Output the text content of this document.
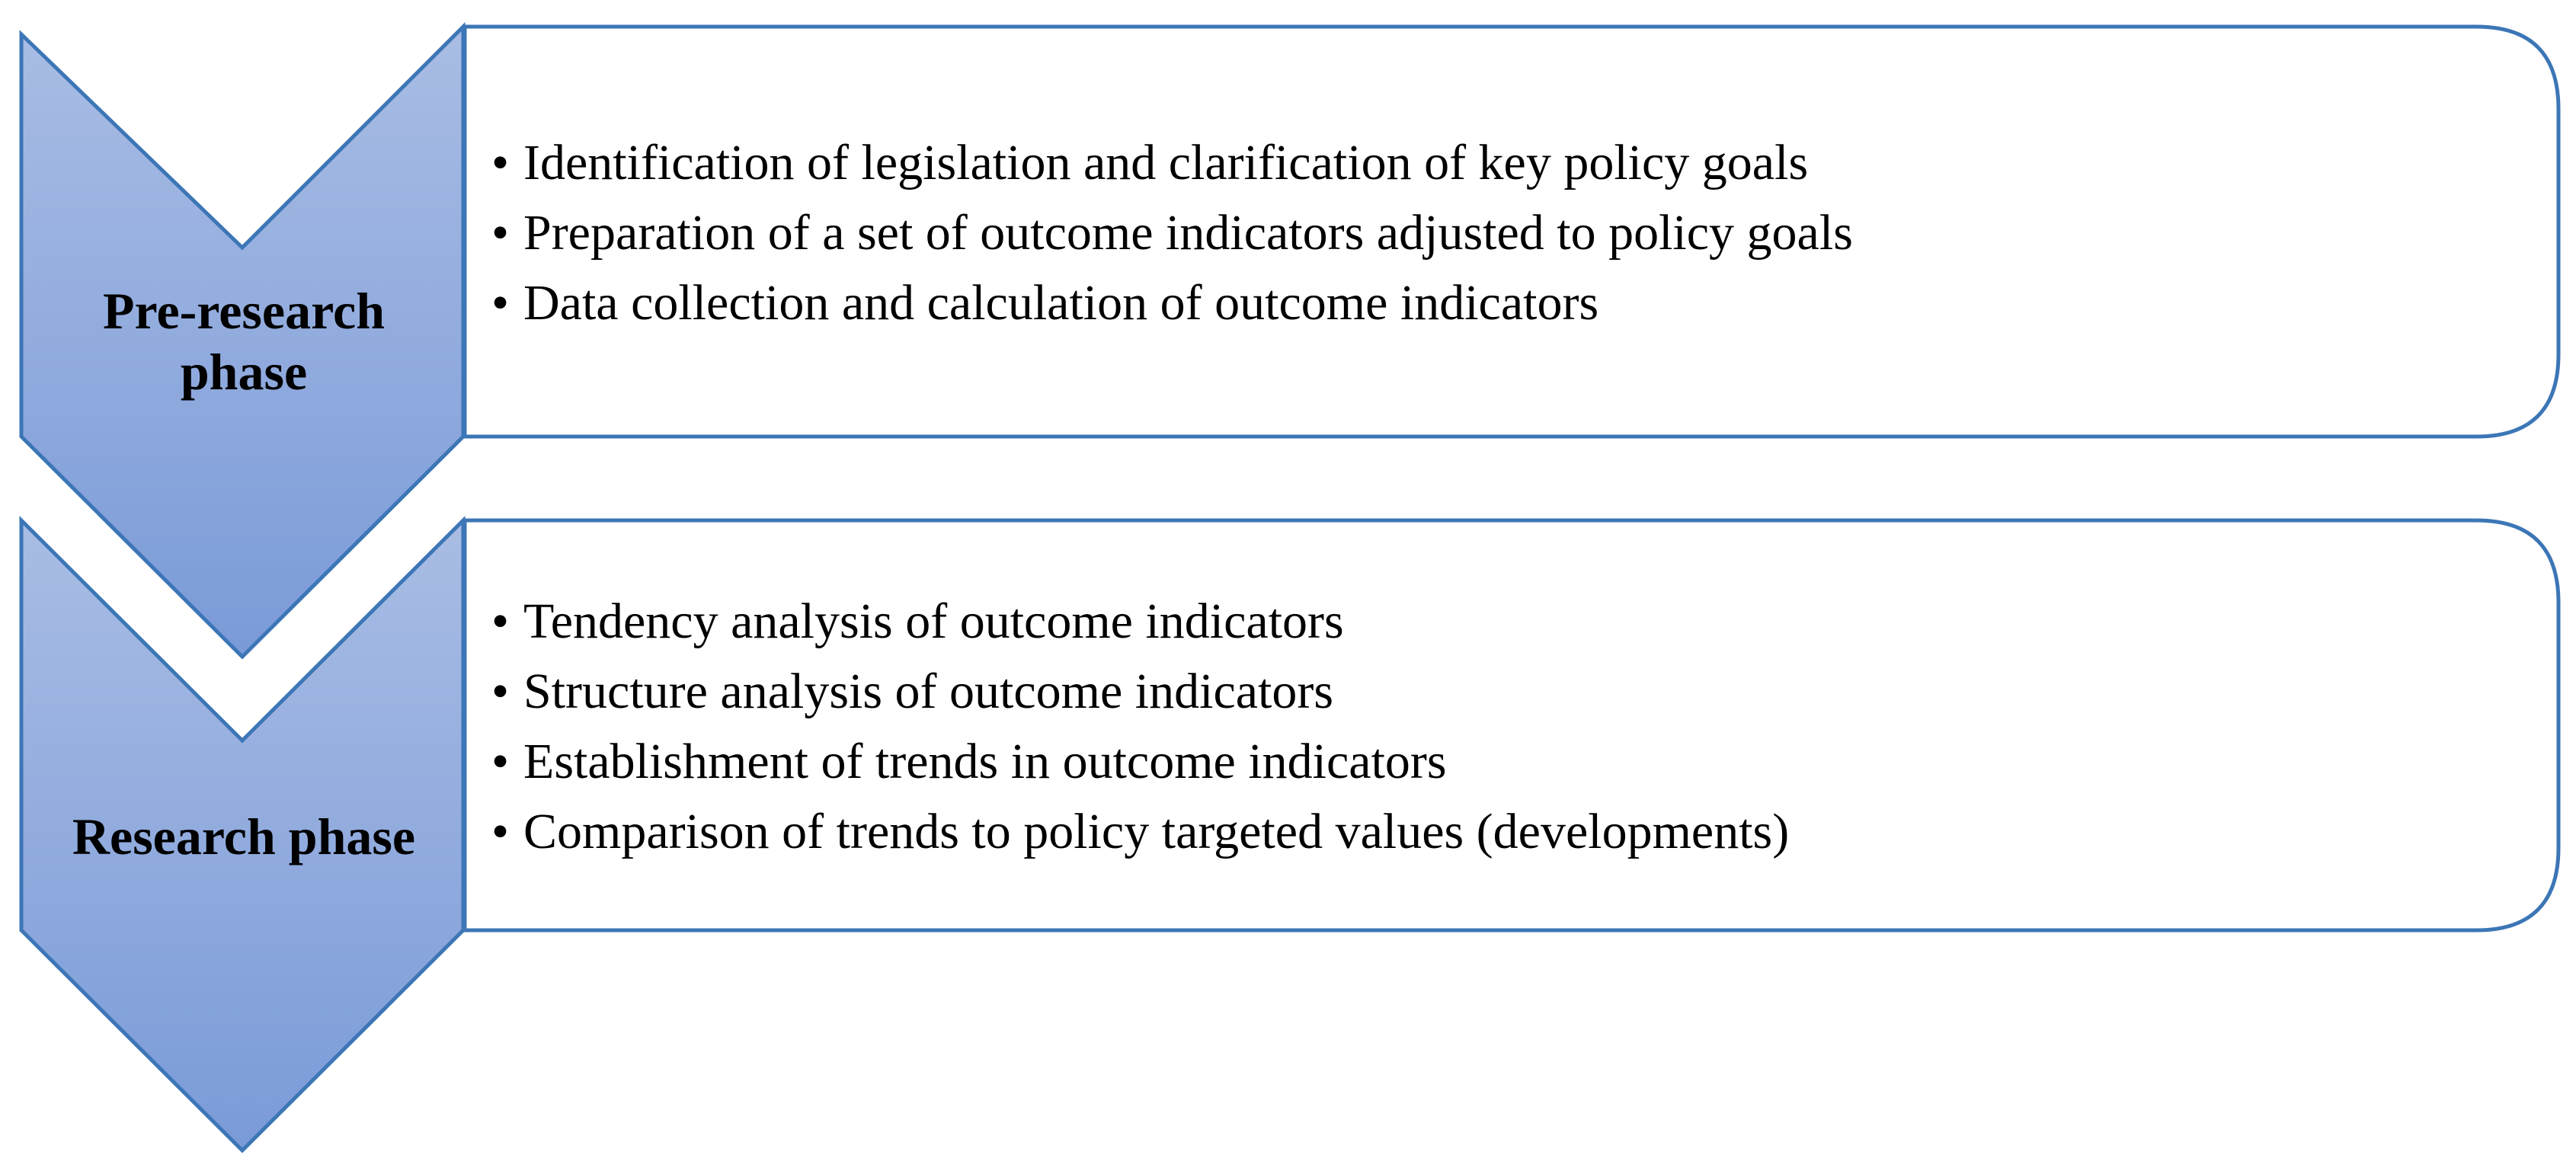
Pre-research
phase
Research phase
• Identification of legislation and clarification of key policy goals
• Preparation of a set of outcome indicators adjusted to policy goals
• Data collection and calculation of outcome indicators
• Tendency analysis of outcome indicators
• Structure analysis of outcome indicators
• Establishment of trends in outcome indicators
• Comparison of trends to policy targeted values (developments)
